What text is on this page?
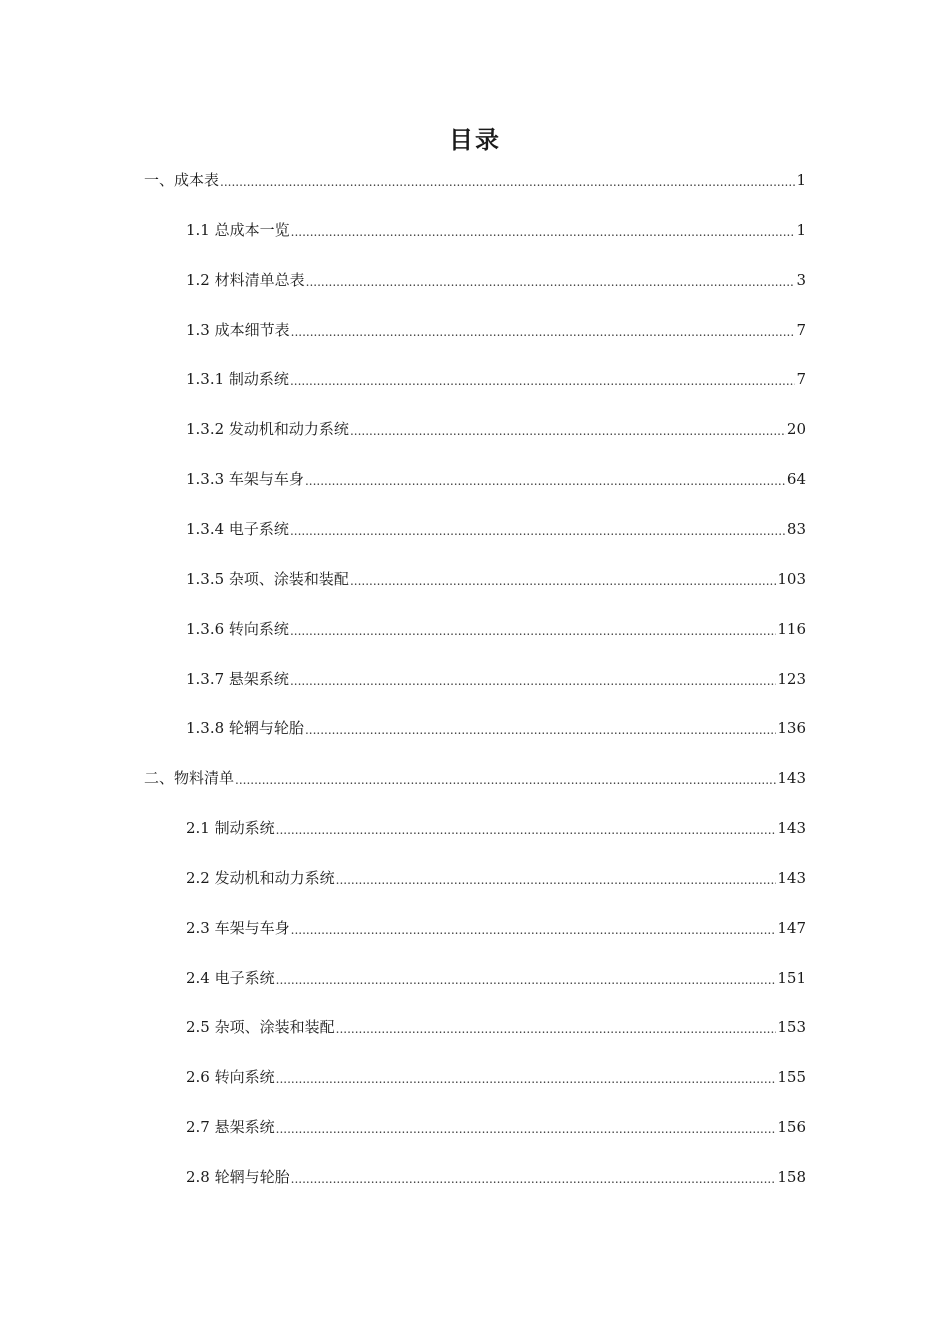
目录
一、成本表 .....	1
1.1 总成本一览 .....	1
1.2 材料清单总表 .....	3
1.3 成本细节表 .....	7
1.3.1 制动系统 .....	7
1.3.2 发动机和动力系统 .....	20
1.3.3 车架与车身 .....	64
1.3.4 电子系统 .....	83
1.3.5 杂项、涂装和装配 .....	103
1.3.6 转向系统 .....	116
1.3.7 悬架系统 .....	123
1.3.8 轮辋与轮胎 .....	136
二、物料清单 .....	143
2.1 制动系统 .....	143
2.2 发动机和动力系统 .....	143
2.3 车架与车身 .....	147
2.4 电子系统 .....	151
2.5 杂项、涂装和装配 .....	153
2.6 转向系统 .....	155
2.7 悬架系统 .....	156
2.8 轮辋与轮胎 .....	158
